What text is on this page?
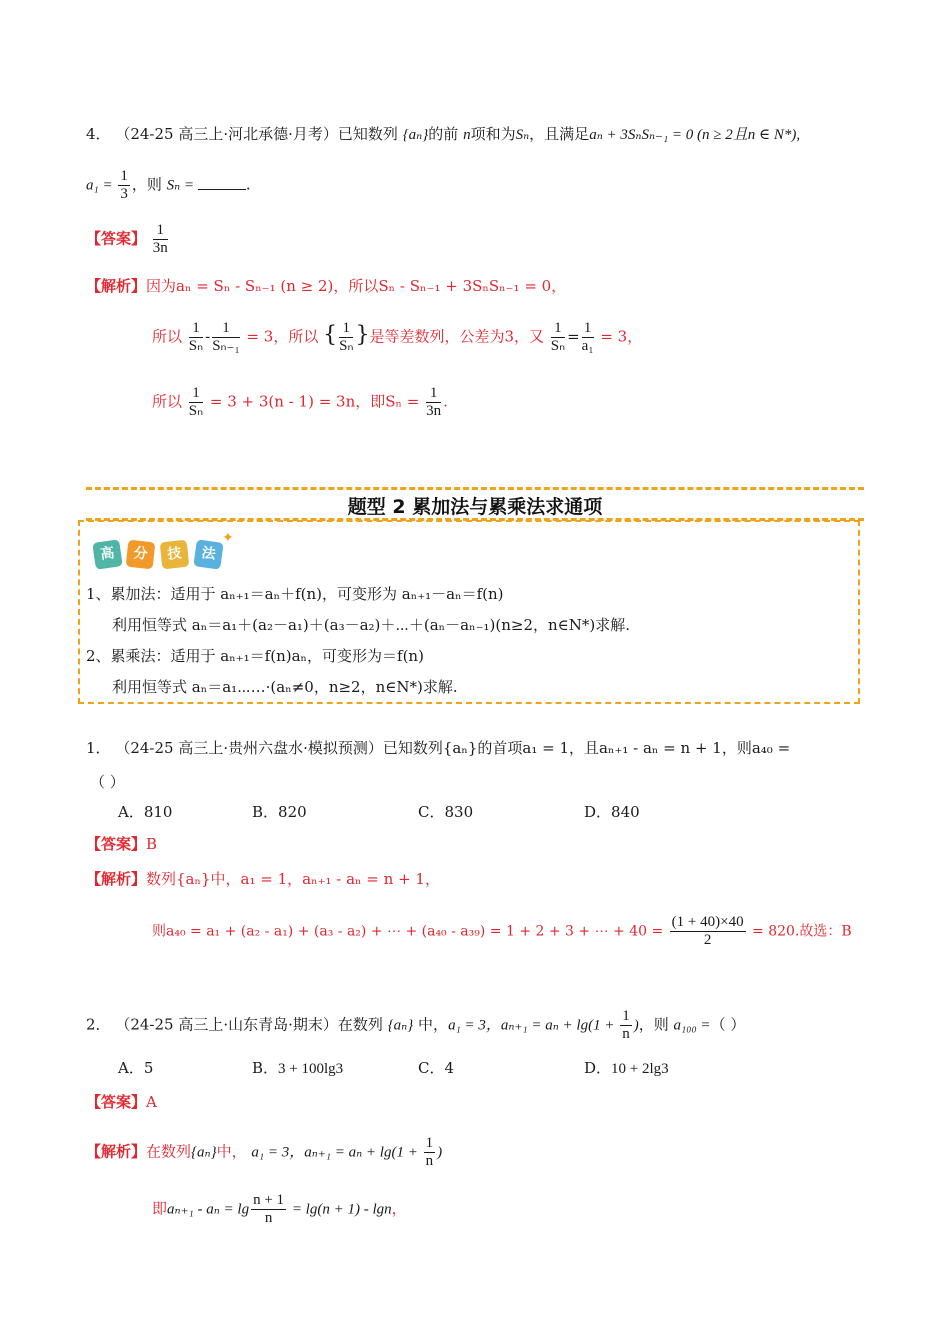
4． （24-25 高三上·河北承德·月考）已知数列 {aₙ}的前 n项和为Sₙ，且满足aₙ + 3SₙSₙ₋₁ = 0 (n ≥ 2且n ∈ N*),
$a_1 = \frac{1}{3}$ ，则 Sₙ =	.
【答案】 $\frac{1}{3n}$
【解析】因为aₙ = Sₙ - Sₙ₋₁ (n ≥ 2)，所以Sₙ - Sₙ₋₁ + 3SₙSₙ₋₁ = 0，
所以 $\frac{1}{\text{Sₙ}} - \frac{1}{\text{Sₙ₋₁}} = 3$，所以 { $\frac{1}{\text{Sₙ}}$ }是等差数列，公差为3，又 $\frac{1}{\text{Sₙ}} = \frac{1}{\text{a₁}} = 3$，
所以 $\frac{1}{\text{Sₙ}} = 3 + 3(n - 1) = 3n$，即$S_n = \frac{1}{3n}$ .
题型 2 累加法与累乘法求通项
高	分	技	法
✦
1、累加法：适用于 aₙ₊₁＝aₙ＋f(n)，可变形为 aₙ₊₁－aₙ＝f(n)
利用恒等式 aₙ＝a₁＋(a₂－a₁)＋(a₃－a₂)＋⋯＋(aₙ－aₙ₋₁)(n≥2，n∈N*)求解.
2、累乘法：适用于 aₙ₊₁＝f(n)aₙ，可变形为＝f(n)
利用恒等式 aₙ＝a₁⋯…·(aₙ≠0，n≥2，n∈N*)求解.
1． （24-25 高三上·贵州六盘水·模拟预测）已知数列{aₙ}的首项a₁ = 1，且aₙ₊₁ - aₙ = n + 1，则a₄₀ =
（ ）
A．810	B．820	C．830	D．840
【答案】B
【解析】数列{aₙ}中，a₁ = 1，aₙ₊₁ - aₙ = n + 1，
则a₄₀ = a₁ + (a₂ - a₁) + (a₃ - a₂) + ⋯ + (a₄₀ - a₃₉) = 1 + 2 + 3 + ⋯ + $40 = \frac{(1 + 40)\times 40}{2} = 820$.故选：B
2． （24-25 高三上·山东青岛·期末）在数列 {aₙ} 中，a₁ = 3，$a_{n+1} = a_n + \lg(1 + \frac{1}{n}$ )，则 a₁₀₀ =（ ）
A．5	B．3 + 100lg3	C．4	D．10 + 2lg3
【答案】A
【解析】在数列{aₙ}中， a₁ = 3，$a_{n+1} = a_n + \lg(1 + \frac{1}{n}$ )
即$a_{n+1} - a_n = \lg \frac{n + 1}{n} = \lg(n + 1) - \lg n$，
